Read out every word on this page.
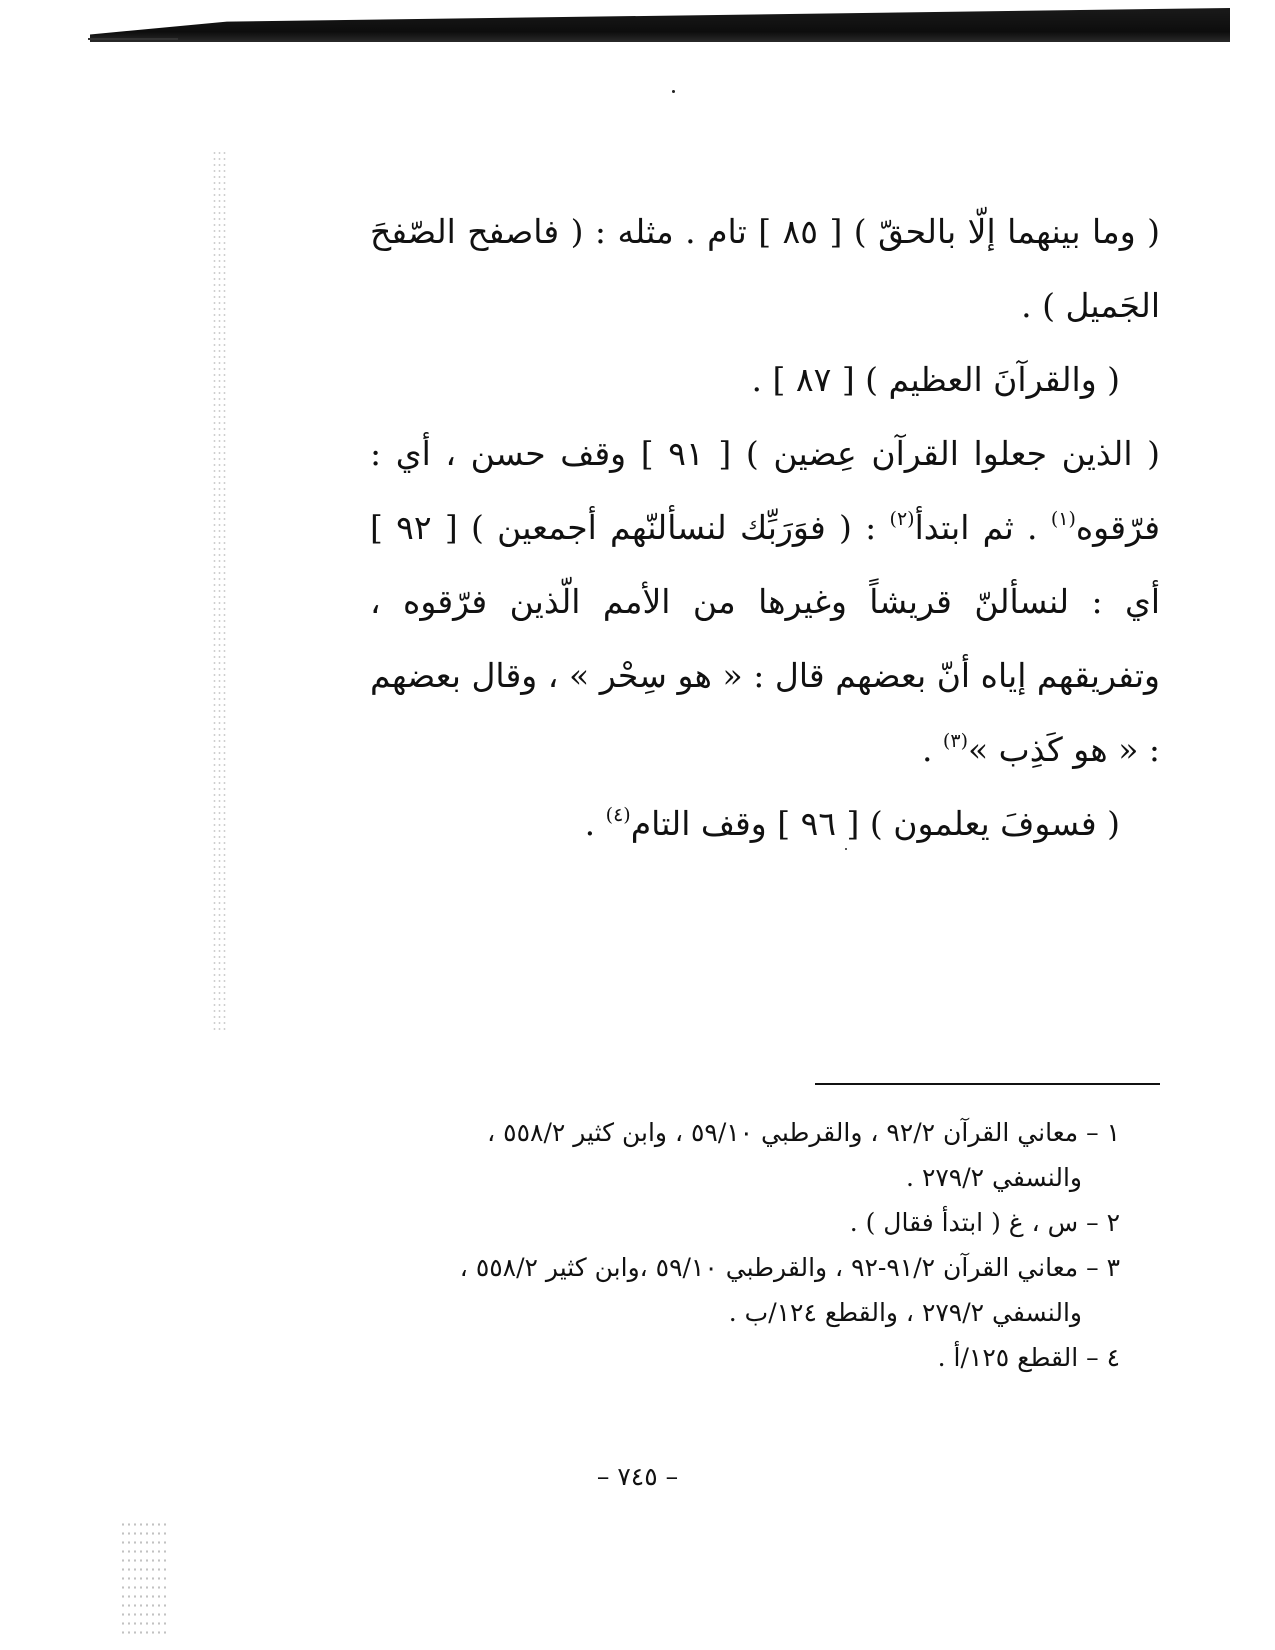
( وما بينهما إلّا بالحقّ ) [ ٨٥ ] تام . مثله : ( فاصفح الصّفحَ الجَميل ) .

( والقرآنَ العظيم ) [ ٨٧ ] .

( الذين جعلوا القرآن عِضين ) [ ٩١ ] وقف حسن ، أي : فرّقوه$^{(١)}$ . ثم ابتدأ$^{(٢)}$ : ( فوَرَبِّك لنسألنّهم أجمعين ) [ ٩٢ ] أي : لنسألنّ قريشاً وغيرها من الأمم الّذين فرّقوه ، وتفريقهم إياه أنّ بعضهم قال : « هو سِحْر » ، وقال بعضهم : « هو كَذِب »$^{(٣)}$ .

( فسوفَ يعلمون ) [ ٩٦ ] وقف التام$^{(٤)}$ .

١ – معاني القرآن ٩٢/٢ ، والقرطبي ٥٩/١٠ ، وابن كثير ٥٥٨/٢ ،

والنسفي ٢٧٩/٢ .

٢ – س ، غ ( ابتدأ فقال ) .

٣ – معاني القرآن ٩١/٢-٩٢ ، والقرطبي ٥٩/١٠ ،وابن كثير ٥٥٨/٢ ،

والنسفي ٢٧٩/٢ ، والقطع ١٢٤/ب .

٤ – القطع ١٢٥/أ .

– ٧٤٥ –
